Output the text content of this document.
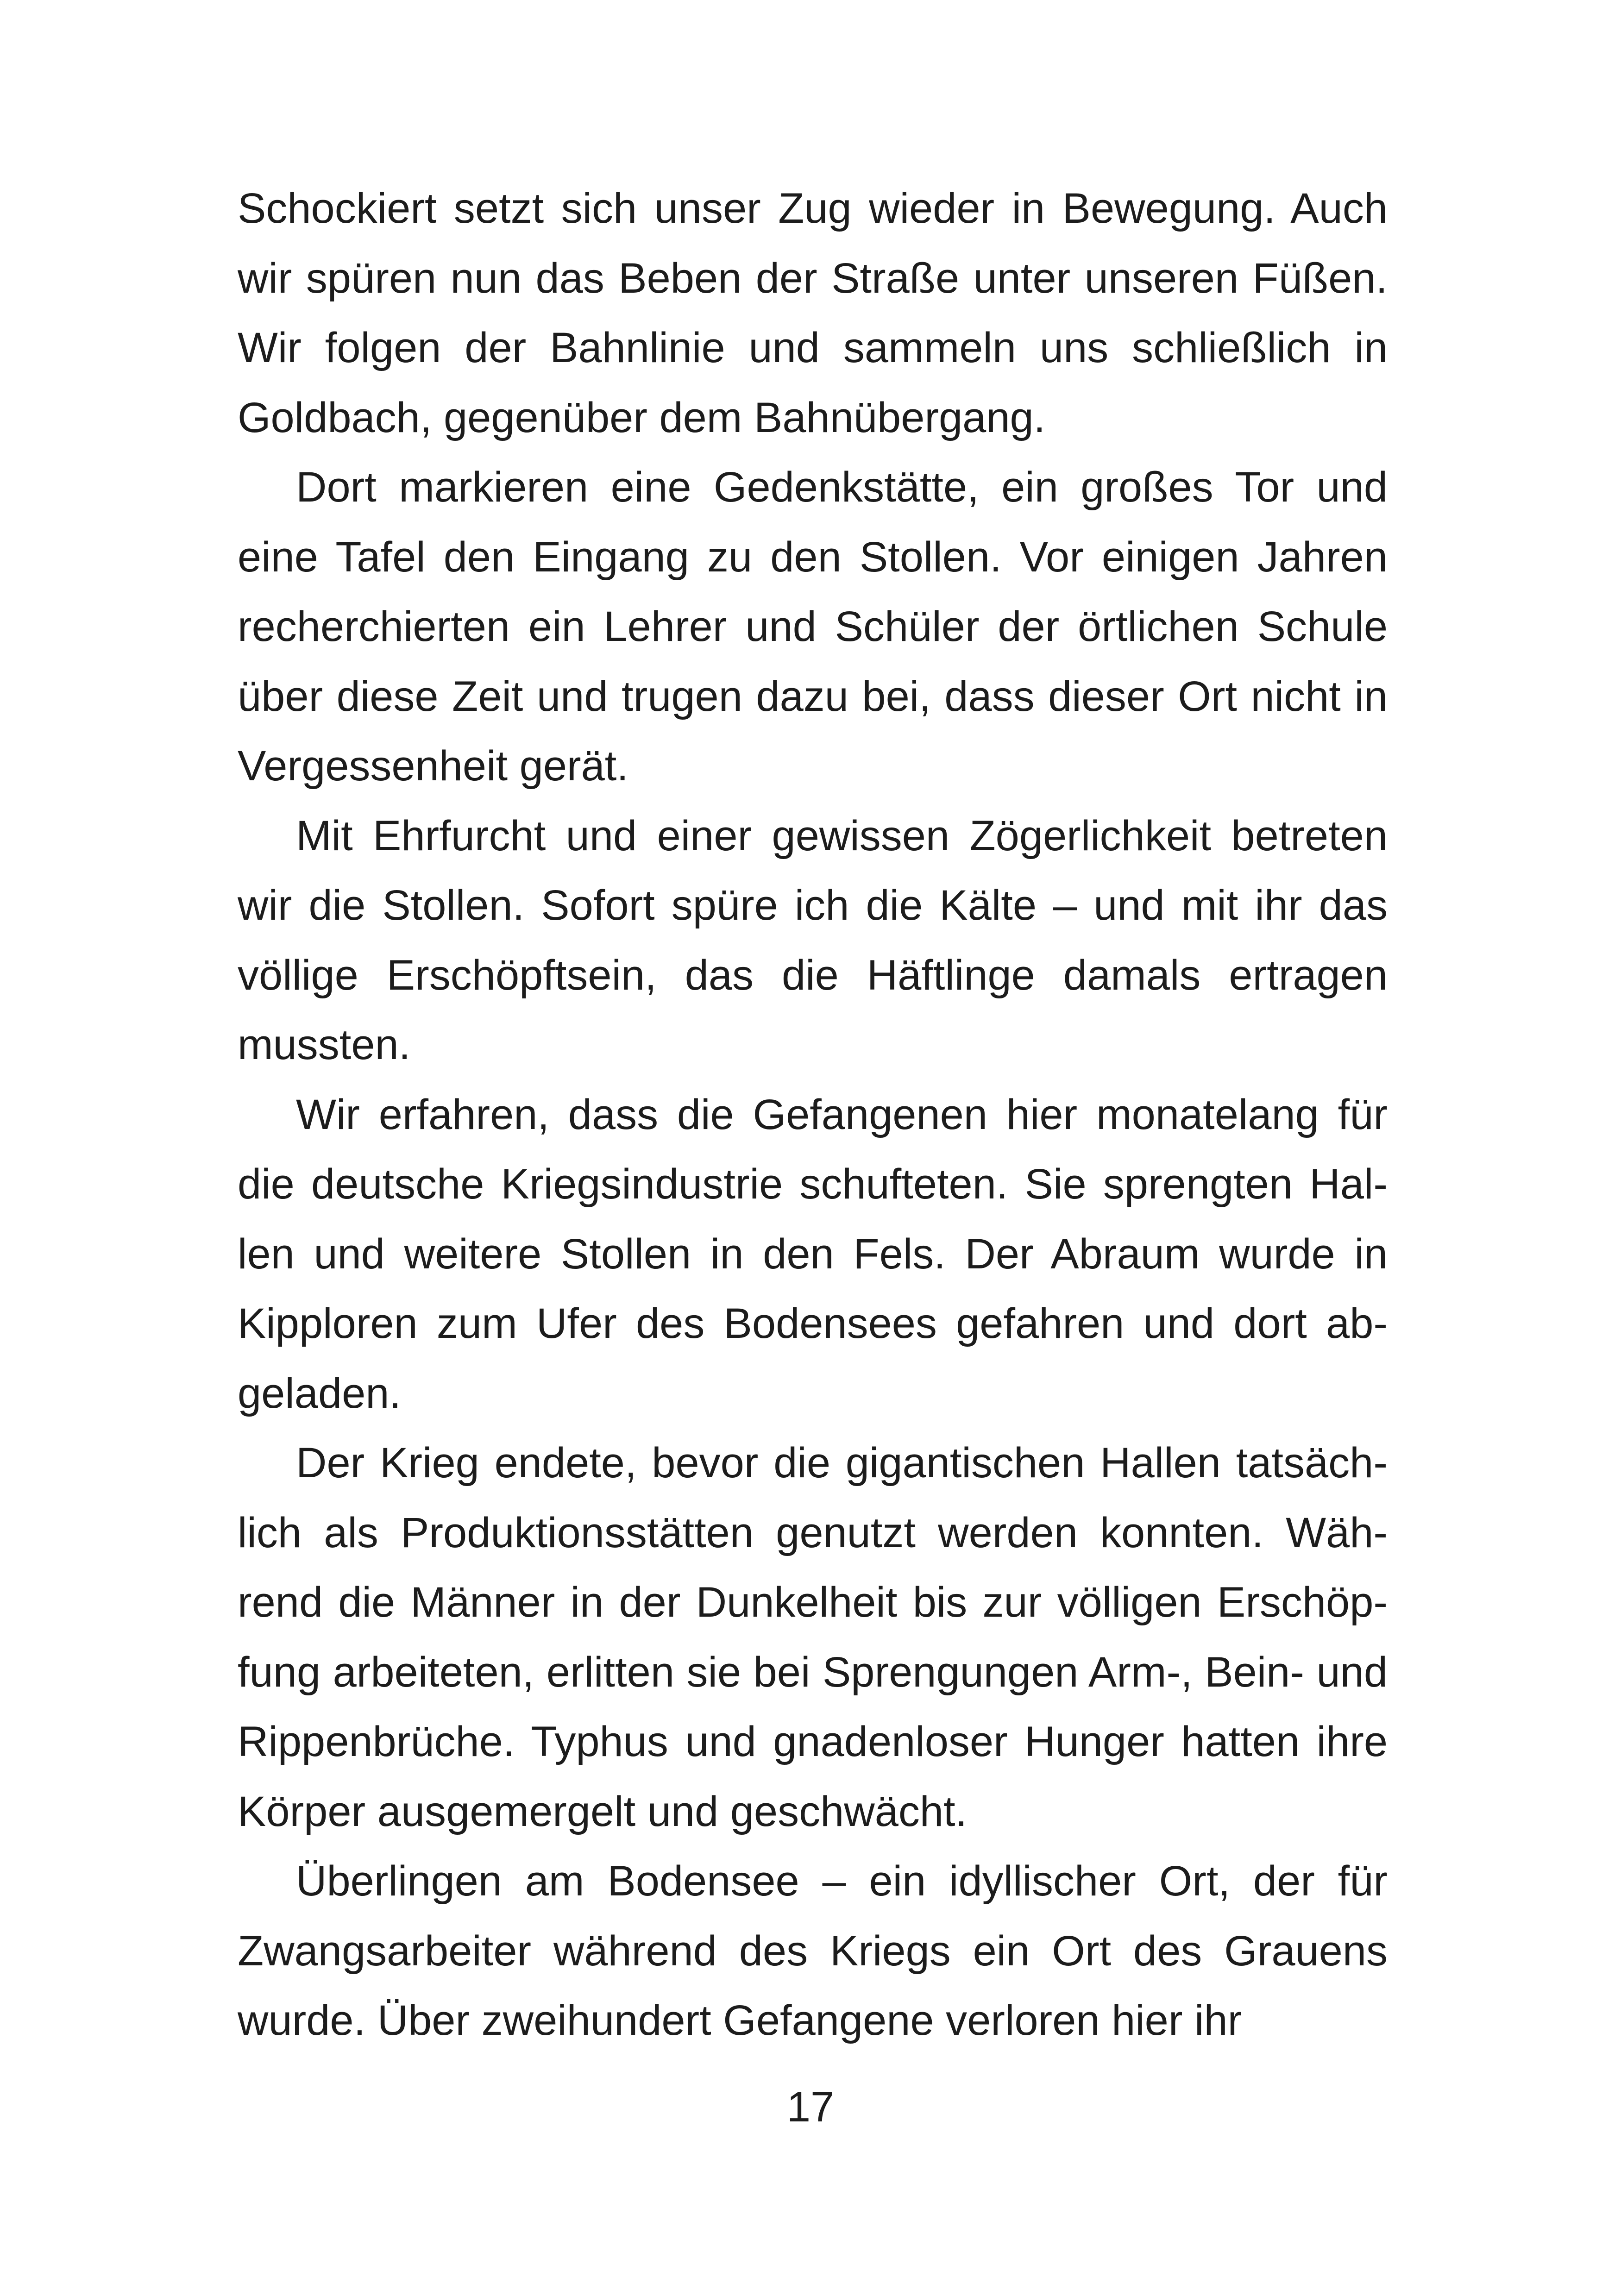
Schockiert setzt sich unser Zug wieder in Bewegung. Auch wir spüren nun das Beben der Straße unter unseren Füßen. Wir folgen der Bahnlinie und sammeln uns schließlich in Goldbach, gegenüber dem Bahnübergang.

Dort markieren eine Gedenkstätte, ein großes Tor und eine Tafel den Eingang zu den Stollen. Vor einigen Jahren recherchierten ein Lehrer und Schüler der örtlichen Schule über diese Zeit und trugen dazu bei, dass dieser Ort nicht in Vergessenheit gerät.

Mit Ehrfurcht und einer gewissen Zögerlichkeit betreten wir die Stollen. Sofort spüre ich die Kälte – und mit ihr das völlige Erschöpftsein, das die Häftlinge damals ertragen mussten.

Wir erfahren, dass die Gefangenen hier monatelang für die deutsche Kriegsindustrie schufteten. Sie sprengten Hallen und weitere Stollen in den Fels. Der Abraum wurde in Kipploren zum Ufer des Bodensees gefahren und dort abgeladen.

Der Krieg endete, bevor die gigantischen Hallen tatsächlich als Produktionsstätten genutzt werden konnten. Während die Männer in der Dunkelheit bis zur völligen Erschöpfung arbeiteten, erlitten sie bei Sprengungen Arm-, Bein- und Rippenbrüche. Typhus und gnadenloser Hunger hatten ihre Körper ausgemergelt und geschwächt.

Überlingen am Bodensee – ein idyllischer Ort, der für Zwangsarbeiter während des Kriegs ein Ort des Grauens wurde. Über zweihundert Gefangene verloren hier ihr

17
